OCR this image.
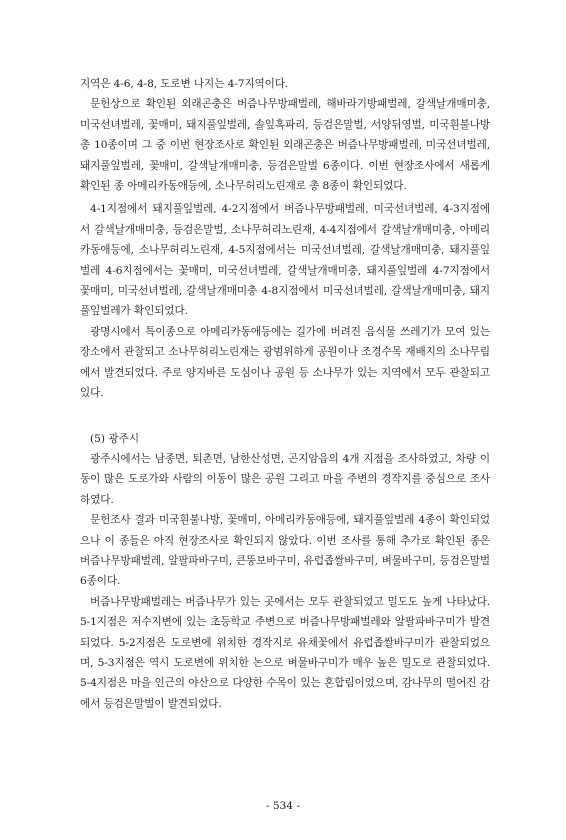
지역은 4-6, 4-8, 도로변 나지는 4-7지역이다.

문헌상으로 확인된 외래곤충은 버즘나무방패벌레, 해바라기방패벌레, 갈색날개매미충, 미국선녀벌레, 꽃매미, 돼지풀잎벌레, 솔잎혹파리, 등검은말벌, 서양뒤영벌, 미국흰불나방 총 10종이며 그 중 이번 현장조사로 확인된 외래곤충은 버즘나무방패벌레, 미국선녀벌레, 돼지풀잎벌레, 꽃매미, 갈색날개매미충, 등검은말벌 6종이다. 이번 현장조사에서 새롭게 확인된 종 아메리카동애등에, 소나무허리노린재로 총 8종이 확인되었다.

4-1지점에서 돼지풀잎벌레, 4-2지점에서 버즘나무방패벌레, 미국선녀벌레, 4-3지점에서 갈색날개매미충, 등검은말벌, 소나무허리노린재, 4-4지점에서 갈색날개매미충, 아메리카동애등에, 소나무허리노린재, 4-5지점에서는 미국선녀벌레, 갈색날개매미충, 돼지풀잎벌레 4-6지점에서는 꽃매미, 미국선녀벌레, 갈색날개매미충, 돼지풀잎벌레 4-7지점에서 꽃매미, 미국선녀벌레, 갈색날개매미충 4-8지점에서 미국선녀벌레, 갈색날개매미충, 돼지풀잎벌레가 확인되었다.

광명시에서 특이종으로 아메리카동애등에는 길가에 버려진 음식물 쓰레기가 모여 있는 장소에서 관찰되고 소나무허리노린재는 광범위하게 공원이나 조경수목 재배지의 소나무림에서 발견되었다. 주로 양지바른 도심이나 공원 등 소나무가 있는 지역에서 모두 관찰되고 있다.

(5) 광주시

광주시에서는 남종면, 퇴촌면, 남한산성면, 곤지암읍의 4개 지점을 조사하였고, 차량 이동이 많은 도로가와 사람의 이동이 많은 공원 그리고 마을 주변의 경작지를 중심으로 조사하였다.

문헌조사 결과 미국흰불나방, 꽃매미, 아메리카동애등에, 돼지풀잎벌레 4종이 확인되었으나 이 종들은 아직 현장조사로 확인되지 않았다. 이번 조사를 통해 추가로 확인된 종은 버즘나무방패벌레, 알팔파바구미, 큰뚱보바구미, 유럽좁쌀바구미, 벼물바구미, 등검은말벌 6종이다.

버즘나무방패벌레는 버즘나무가 있는 곳에서는 모두 관찰되었고 밀도도 높게 나타났다. 5-1지점은 저수지변에 있는 초등학교 주변으로 버즘나무방패벌레와 알팔파바구미가 발견되었다. 5-2지점은 도로변에 위치한 경작지로 유채꽃에서 유럽좁쌀바구미가 관찰되었으며, 5-3지점은 역시 도로변에 위치한 논으로 벼물바구미가 매우 높은 밀도로 관찰되었다. 5-4지점은 마을 인근의 야산으로 다양한 수목이 있는 혼합림이었으며, 감나무의 떨어진 감에서 등검은말벌이 발견되었다.

- 534 -
